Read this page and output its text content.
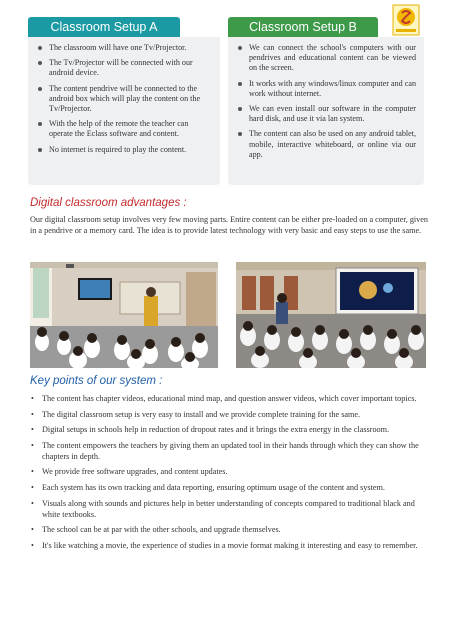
Classroom Setup A
The classroom will have one Tv/Projector.
The Tv/Projector will be connected with our android device.
The content pendrive will be connected to the android box which will play the content on the Tv/Projector.
With the help of the remote the teacher can operate the Eclass software and content.
No internet is required to play the content.
Classroom Setup B
We can connect the school's computers with our pendrives and educational content can be viewed on the screen.
It works with any windows/linux computer and can work without internet.
We can even install our software in the computer hard disk, and use it via lan system.
The content can also be used on any android tablet, mobile, interactive whiteboard, or online via our app.
Digital classroom advantages :

Our digital classroom setup involves very few moving parts. Entire content can be either pre-loaded on a computer, given in a pendrive or a memory card. The idea is to provide latest technology with very basic and easy steps to use the same.

Key points of our system :
• The content has chapter videos, educational mind map, and question answer videos, which cover important topics.
• The digital classroom setup is very easy to install and we provide complete training for the same.
• Digital setups in schools help in reduction of dropout rates and it brings the extra energy in the classroom.
• The content empowers the teachers by giving them an updated tool in their hands through which they can show the chapters in depth.
• We provide free software upgrades, and content updates.
• Each system has its own tracking and data reporting, ensuring optimum usage of the content and system.
• Visuals along with sounds and pictures help in better understanding of concepts compared to traditional black and white textbooks.
• The school can be at par with the other schools, and upgrade themselves.
• It's like watching a movie, the experience of studies in a movie format making it interesting and easy to remember.
